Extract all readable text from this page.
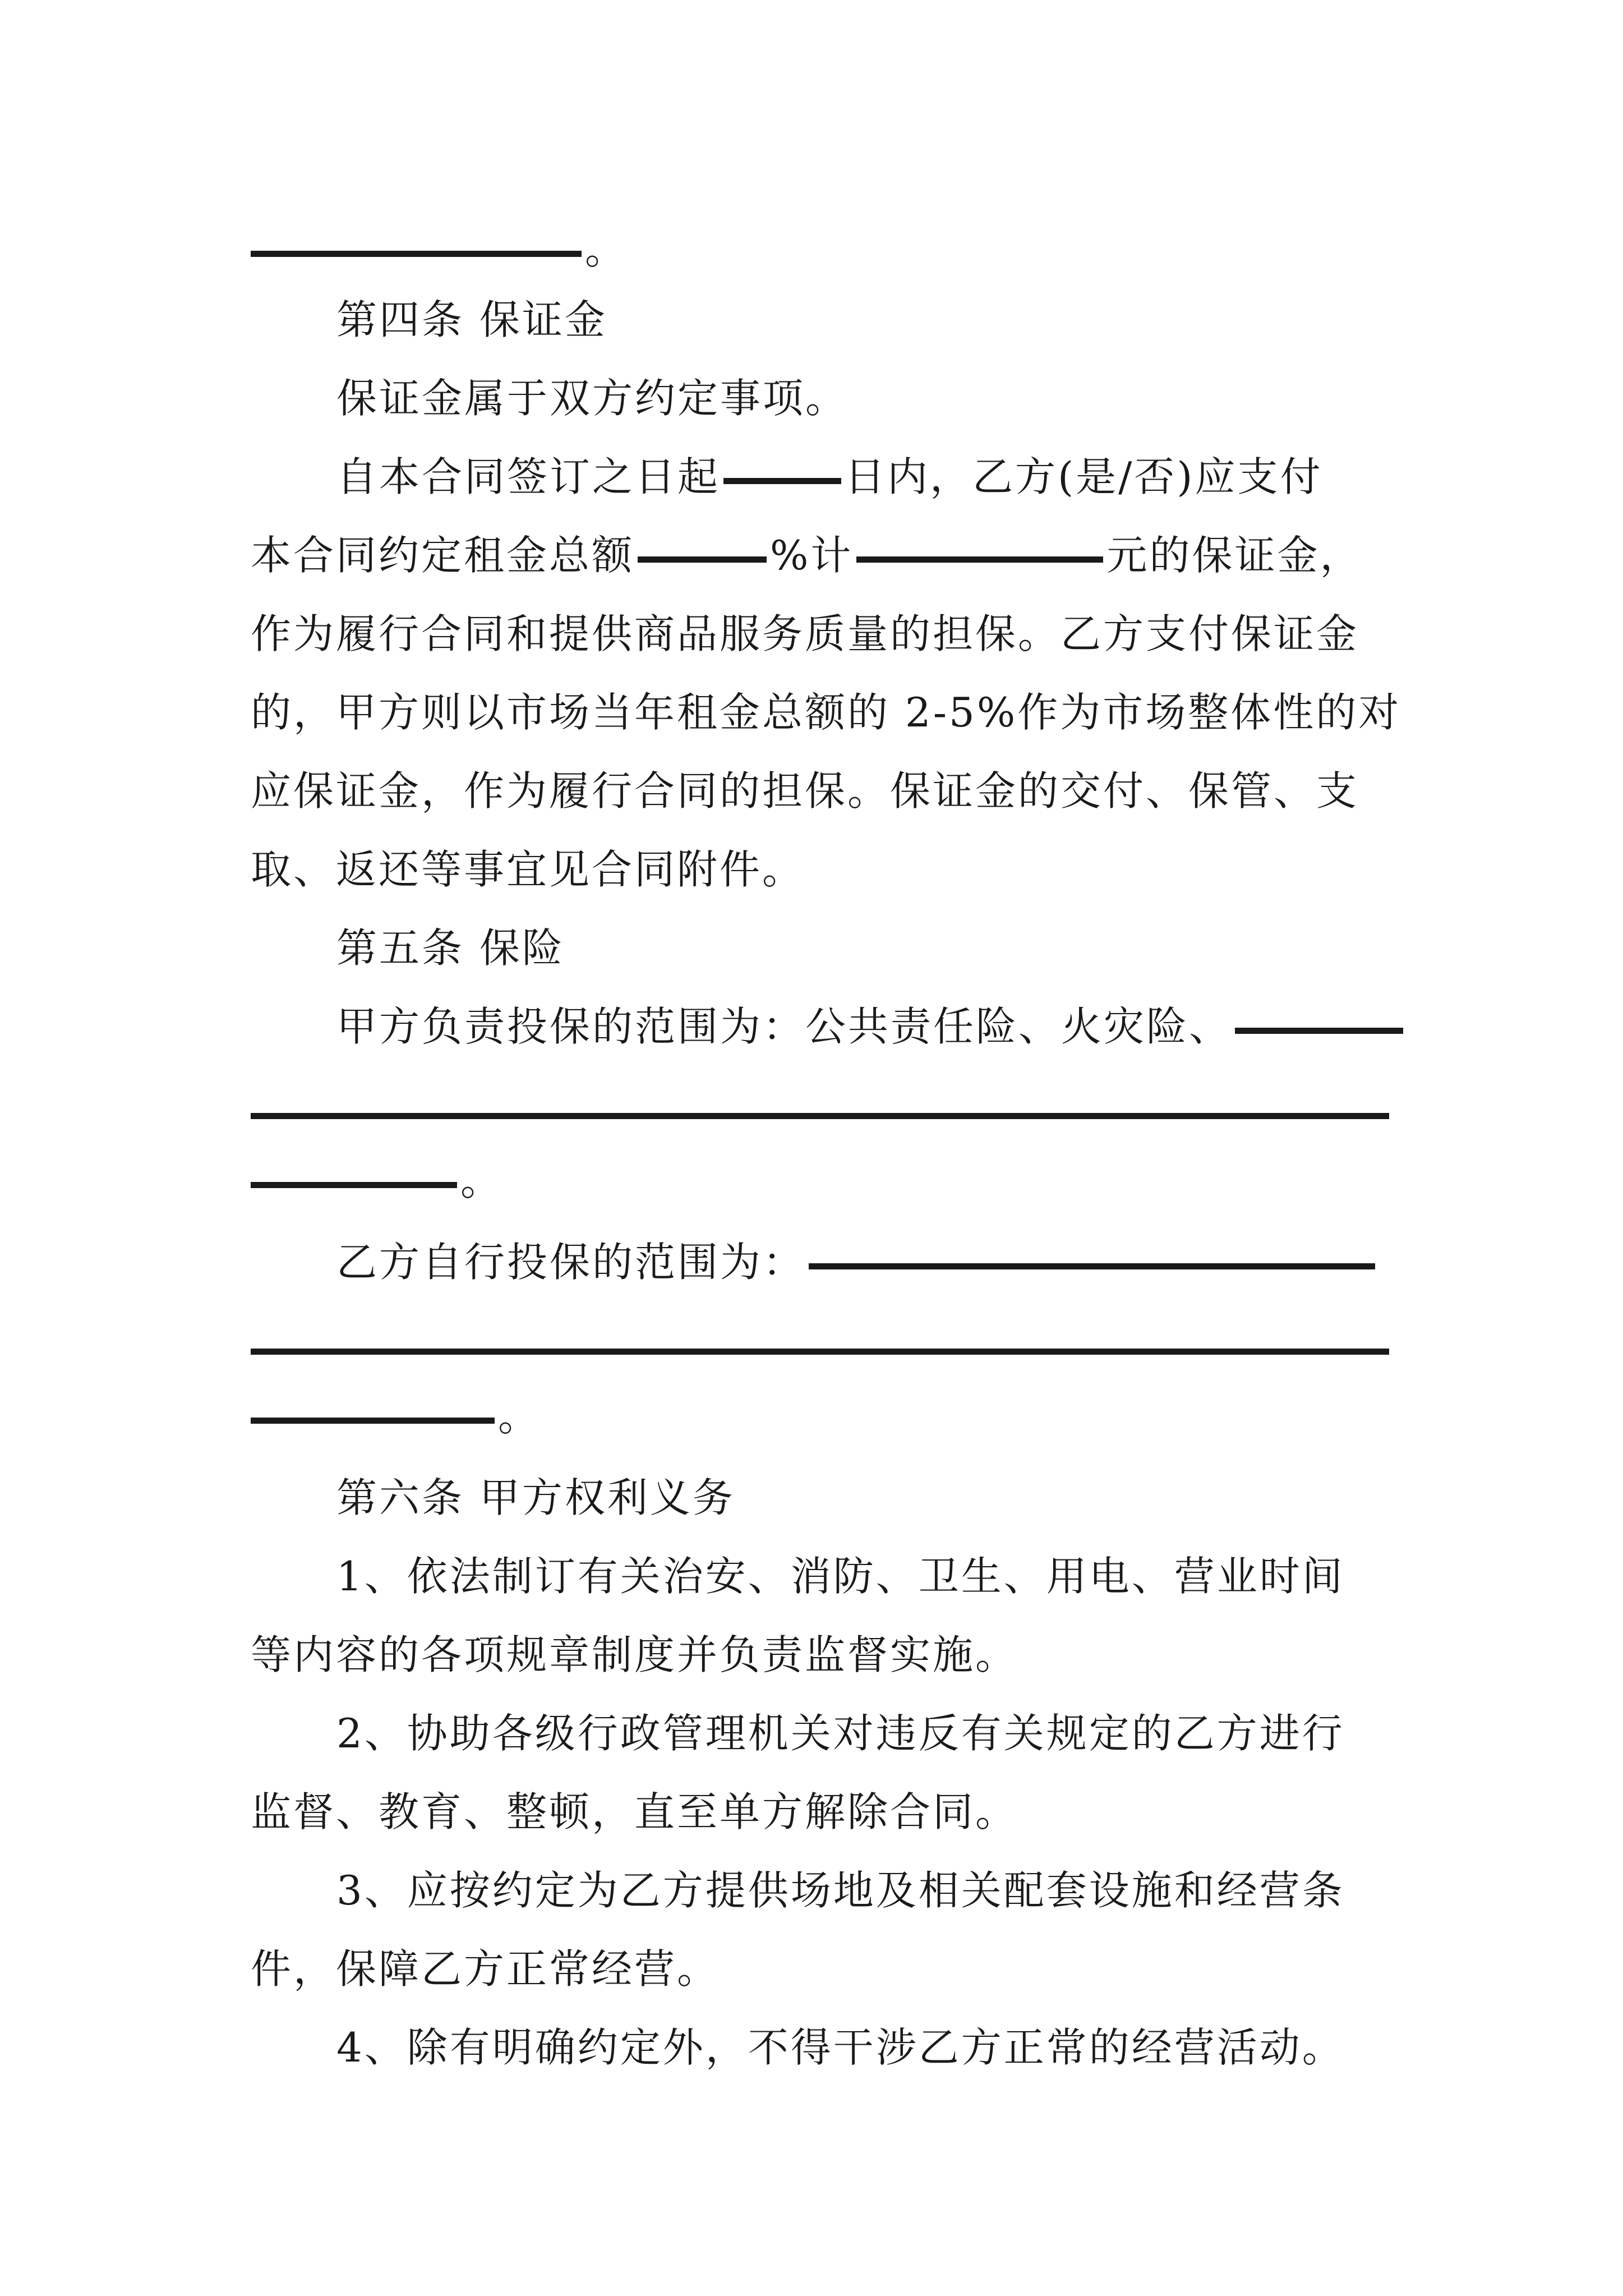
。
第四条 保证金
保证金属于双方约定事项。
自本合同签订之日起	日内，乙方(是/否)应支付
本合同约定租金总额	%计	元的保证金，
作为履行合同和提供商品服务质量的担保。乙方支付保证金
的，甲方则以市场当年租金总额的 2-5%作为市场整体性的对
应保证金，作为履行合同的担保。保证金的交付、保管、支
取、返还等事宜见合同附件。
第五条 保险
甲方负责投保的范围为：公共责任险、火灾险、
。
乙方自行投保的范围为：
。
第六条 甲方权利义务
1、依法制订有关治安、消防、卫生、用电、营业时间
等内容的各项规章制度并负责监督实施。
2、协助各级行政管理机关对违反有关规定的乙方进行
监督、教育、整顿，直至单方解除合同。
3、应按约定为乙方提供场地及相关配套设施和经营条
件，保障乙方正常经营。
4、除有明确约定外，不得干涉乙方正常的经营活动。
